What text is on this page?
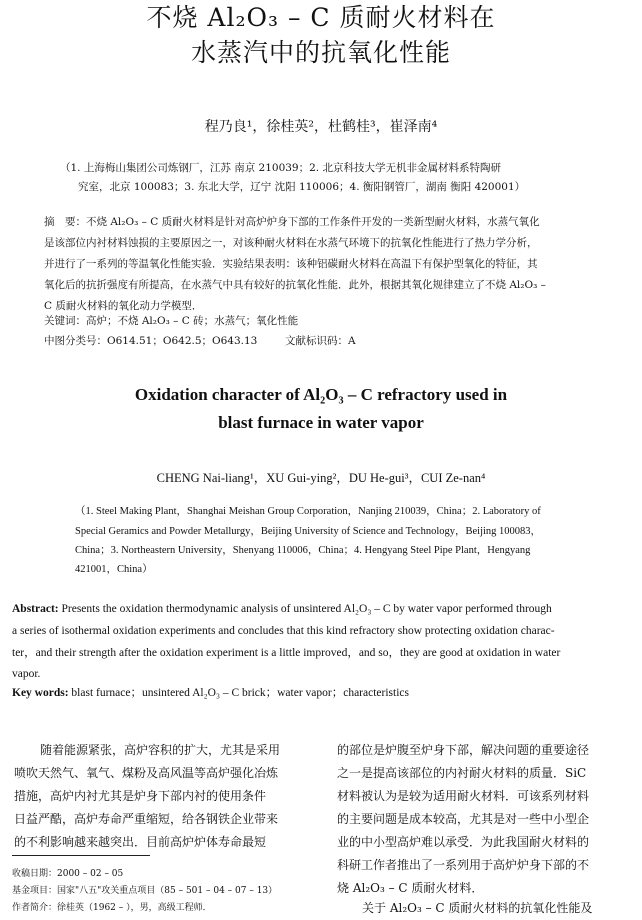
不烧 Al₂O₃ – C 质耐火材料在
水蒸汽中的抗氧化性能
程乃良¹，徐桂英²，杜鹤桂³，崔泽南⁴
（1. 上海梅山集团公司炼钢厂，江苏 南京 210039；2. 北京科技大学无机非金属材料系特陶研
究室，北京 100083；3. 东北大学，辽宁 沈阳 110006；4. 衡阳钢管厂，湖南 衡阳 420001）
摘　要：不烧 Al₂O₃ – C 质耐火材料是针对高炉炉身下部的工作条件开发的一类新型耐火材料，水蒸气氧化
是该部位内衬材料蚀损的主要原因之一，对该种耐火材料在水蒸气环境下的抗氧化性能进行了热力学分析，
并进行了一系列的等温氧化性能实验．实验结果表明：该种铝碳耐火材料在高温下有保护型氧化的特征，其
氧化后的抗折强度有所提高，在水蒸气中具有较好的抗氧化性能．此外，根据其氧化规律建立了不烧 Al₂O₃ –
C 质耐火材料的氧化动力学模型．
关键词：高炉；不烧 Al₂O₃ – C 砖；水蒸气；氧化性能
中图分类号：O614.51；O642.5；O643.13	文献标识码：A
Oxidation character of Al₂O₃ – C refractory used in
blast furnace in water vapor
CHENG Nai-liang¹，XU Gui-ying²，DU He-gui³，CUI Ze-nan⁴
（1. Steel Making Plant，Shanghai Meishan Group Corporation，Nanjing 210039，China；2. Laboratory of
Special Geramics and Powder Metallurgy，Beijing University of Science and Technology，Beijing 100083，
China；3. Northeastern University，Shenyang 110006，China；4. Hengyang Steel Pipe Plant，Hengyang
421001，China）
Abstract: Presents the oxidation thermodynamic analysis of unsintered Al₂O₃ – C by water vapor performed through
a series of isothermal oxidation experiments and concludes that this kind refractory show protecting oxidation charac-
ter，and their strength after the oxidation experiment is a little improved，and so，they are good at oxidation in water
vapor.
Key words: blast furnace；unsintered Al₂O₃ – C brick；water vapor；characteristics
随着能源紧张，高炉容积的扩大，尤其是采用
喷吹天然气、氧气、煤粉及高风温等高炉强化冶炼
措施，高炉内衬尤其是炉身下部内衬的使用条件
日益严酷，高炉寿命严重缩短，给各钢铁企业带来
的不利影响越来越突出．目前高炉炉体寿命最短
的部位是炉腹至炉身下部，解决问题的重要途径
之一是提高该部位的内衬耐火材料的质量．SiC
材料被认为是较为适用耐火材料．可该系列材料
的主要问题是成本较高，尤其是对一些中小型企
业的中小型高炉难以承受．为此我国耐火材料的
科研工作者推出了一系列用于高炉炉身下部的不
烧 Al₂O₃ – C 质耐火材料．
关于 Al₂O₃ – C 质耐火材料的抗氧化性能及
收稿日期：2000 – 02 – 05
基金项目：国家"八五"攻关重点项目（85 – 501 – 04 – 07 – 13）
作者简介：徐桂英（1962 – ），男，高级工程师．
